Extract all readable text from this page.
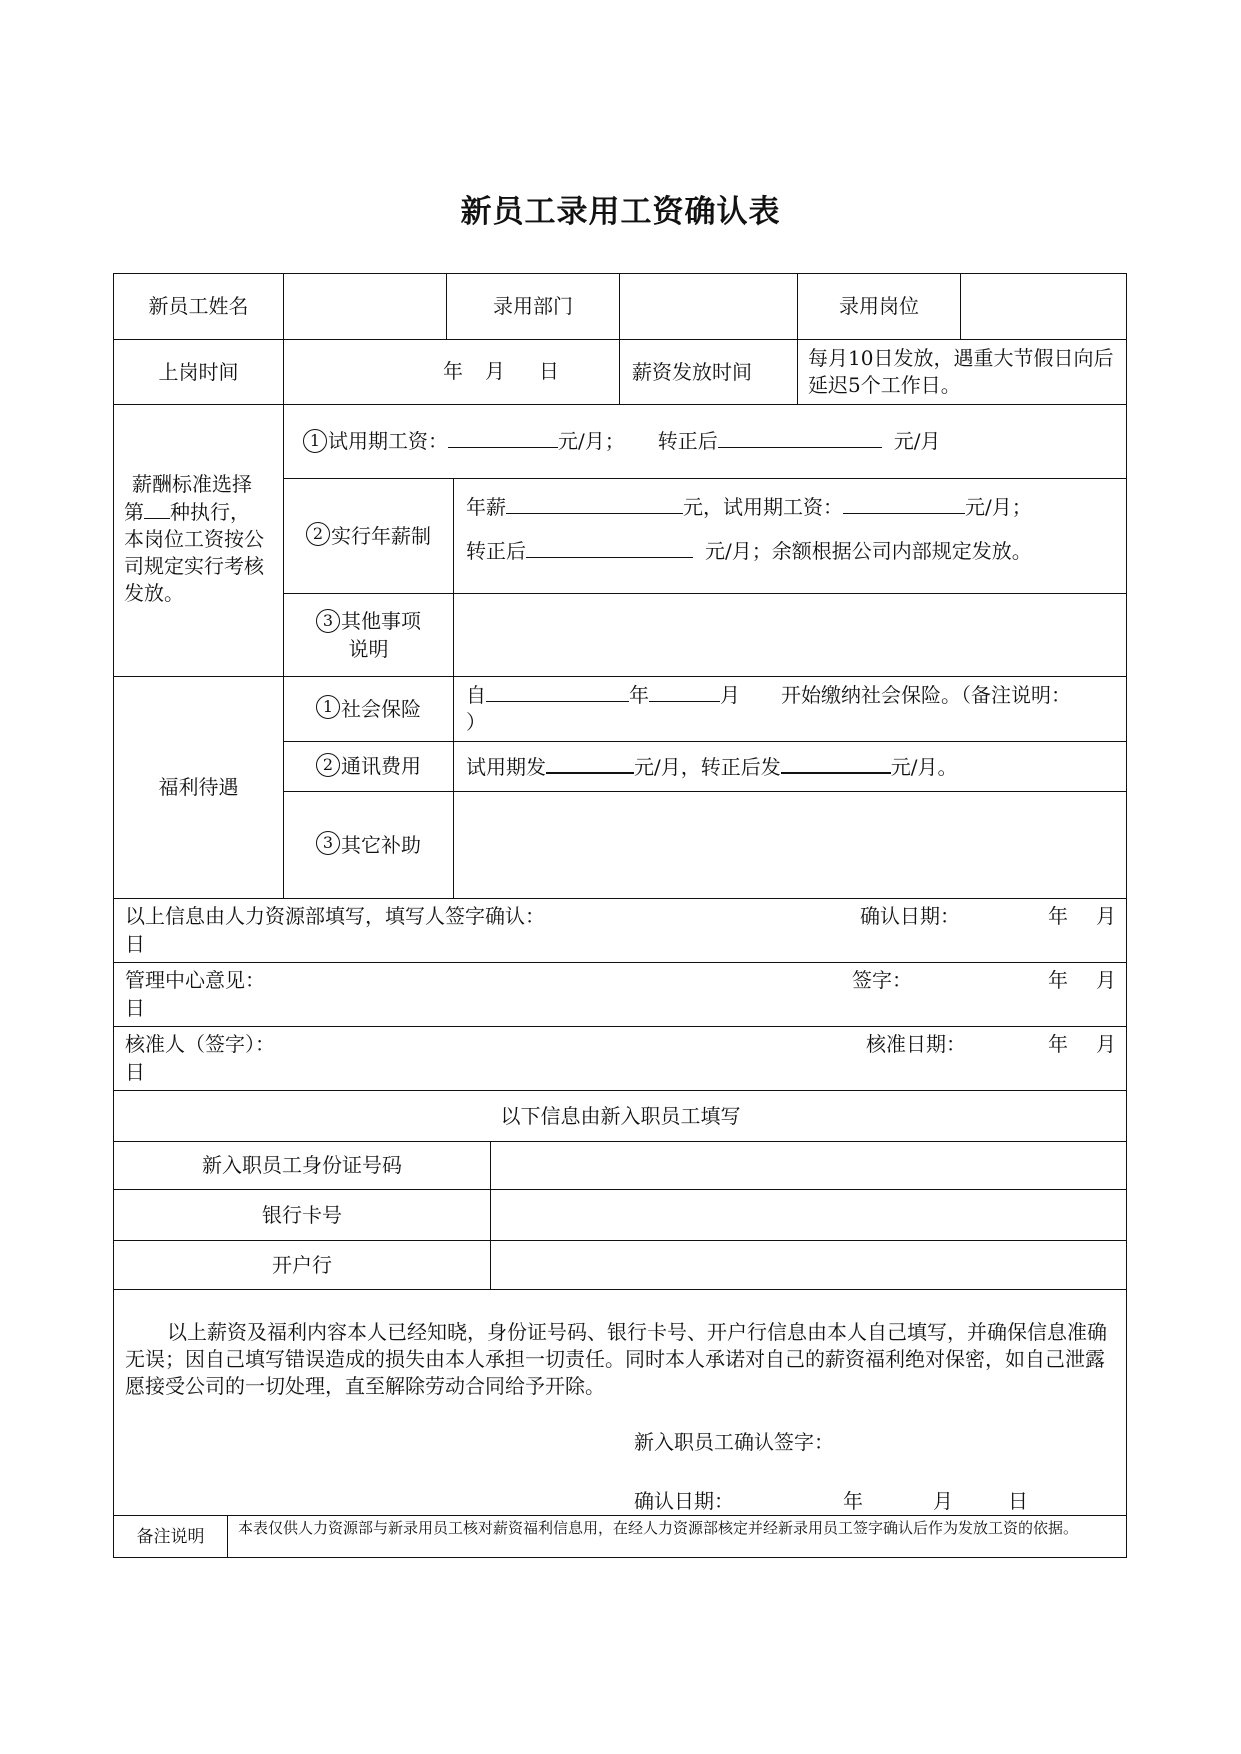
新员工录用工资确认表
新员工姓名	录用部门	录用岗位
上岗时间	年 月 日	薪资发放时间
每月10日发放，遇重大节假日向后延迟5个工作日。
薪酬标准选择
第 种执行，
本岗位工资按公司规定实行考核发放。
1 试用期工资：	元/月； 转正后	元/月
2 实行年薪制
年薪	元，试用期工资：	元/月；
转正后	元/月；余额根据公司内部规定发放。
3 其他事项
说明
福利待遇
1 社会保险
自	年	月 开始缴纳社会保险。（备注说明：
）
2 通讯费用 试用期发	元/月，转正后发	元/月。
3 其它补助
以上信息由人力资源部填写，填写人签字确认：	确认日期：	年 月
日
管理中心意见：	签字：	年 月
日
核准人（签字）：	核准日期：	年 月
日
以下信息由新入职员工填写
新入职员工身份证号码
银行卡号
开户行
以上薪资及福利内容本人已经知晓，身份证号码、银行卡号、开户行信息由本人自己填写，并确保信息准确无误；因自己填写错误造成的损失由本人承担一切责任。同时本人承诺对自己的薪资福利绝对保密，如自己泄露愿接受公司的一切处理，直至解除劳动合同给予开除。
新入职员工确认签字：
确认日期：	年	月	日
备注说明	本表仅供人力资源部与新录用员工核对薪资福利信息用，在经人力资源部核定并经新录用员工签字确认后作为发放工资的依据。
